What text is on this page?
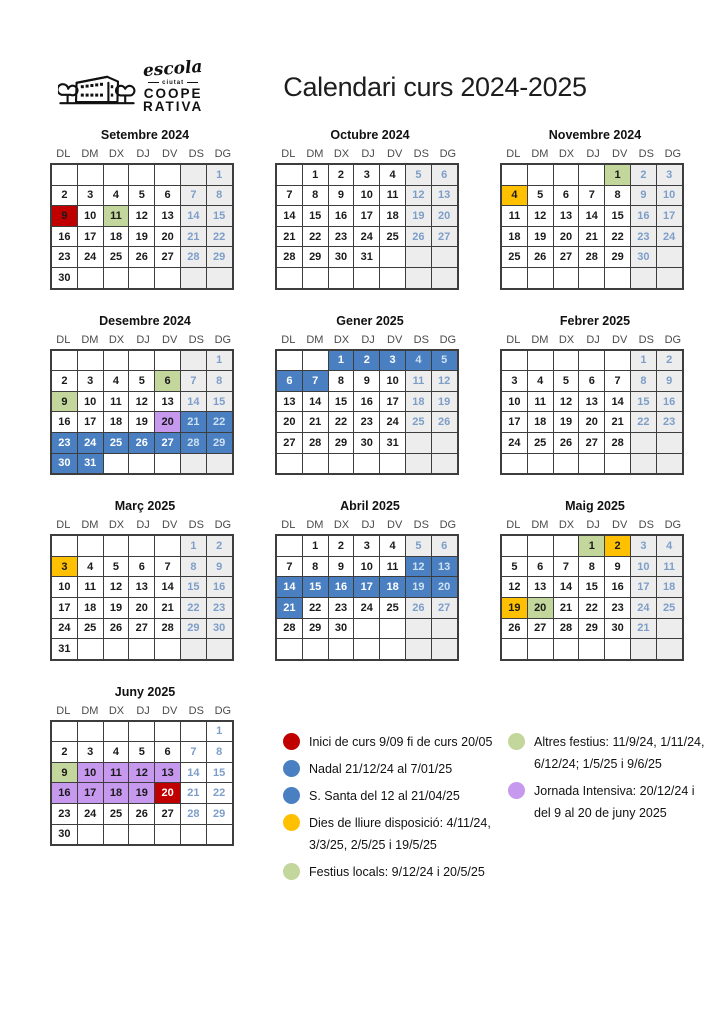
escola
ciutat
COOPE
RATIVA
Calendari curs 2024-2025
Setembre 2024
DL	DM DX	DJ	DV	DS DG
						1
2	3	4	5	6	7	8
9	10	11	12	13	14	15
16	17	18	19	20	21	22
23	24	25	26	27	28	29
30						
Octubre 2024
DL	DM DX	DJ	DV	DS DG
	1	2	3	4	5	6
7	8	9	10	11	12	13
14	15	16	17	18	19	20
21	22	23	24	25	26	27
28	29	30	31			

Novembre 2024
DL	DM DX	DJ	DV	DS DG
				1	2	3
4	5	6	7	8	9	10
11	12	13	14	15	16	17
18	19	20	21	22	23	24
25	26	27	28	29	30	

Desembre 2024
DL	DM DX	DJ	DV	DS DG
						1
2	3	4	5	6	7	8
9	10	11	12	13	14	15
16	17	18	19	20	21	22
23	24	25	26	27	28	29
30	31					
Gener 2025
DL	DM DX	DJ	DV	DS DG
		1	2	3	4	5
6	7	8	9	10	11	12
13	14	15	16	17	18	19
20	21	22	23	24	25	26
27	28	29	30	31		

Febrer 2025
DL	DM DX	DJ	DV	DS DG
					1	2
3	4	5	6	7	8	9
10	11	12	13	14	15	16
17	18	19	20	21	22	23
24	25	26	27	28		

Març 2025
DL	DM DX	DJ	DV	DS DG
					1	2
3	4	5	6	7	8	9
10	11	12	13	14	15	16
17	18	19	20	21	22	23
24	25	26	27	28	29	30
31						
Abril 2025
DL	DM DX	DJ	DV	DS DG
	1	2	3	4	5	6
7	8	9	10	11	12	13
14	15	16	17	18	19	20
21	22	23	24	25	26	27
28	29	30				

Maig 2025
DL	DM DX	DJ	DV	DS DG
			1	2	3	4
5	6	7	8	9	10	11
12	13	14	15	16	17	18
19	20	21	22	23	24	25
26	27	28	29	30	21	

Juny 2025
DL	DM DX	DJ	DV	DS DG
						1
2	3	4	5	6	7	8
9	10	11	12	13	14	15
16	17	18	19	20	21	22
23	24	25	26	27	28	29
30						
Inici de curs 9/09 fi de curs 20/05
Nadal 21/12/24 al 7/01/25
S. Santa del 12 al 21/04/25
Dies de lliure disposició: 4/11/24,
3/3/25, 2/5/25 i 19/5/25
Festius locals: 9/12/24 i 20/5/25
Altres festius: 11/9/24, 1/11/24,
6/12/24; 1/5/25 i 9/6/25
Jornada Intensiva: 20/12/24 i
del 9 al 20 de juny 2025
